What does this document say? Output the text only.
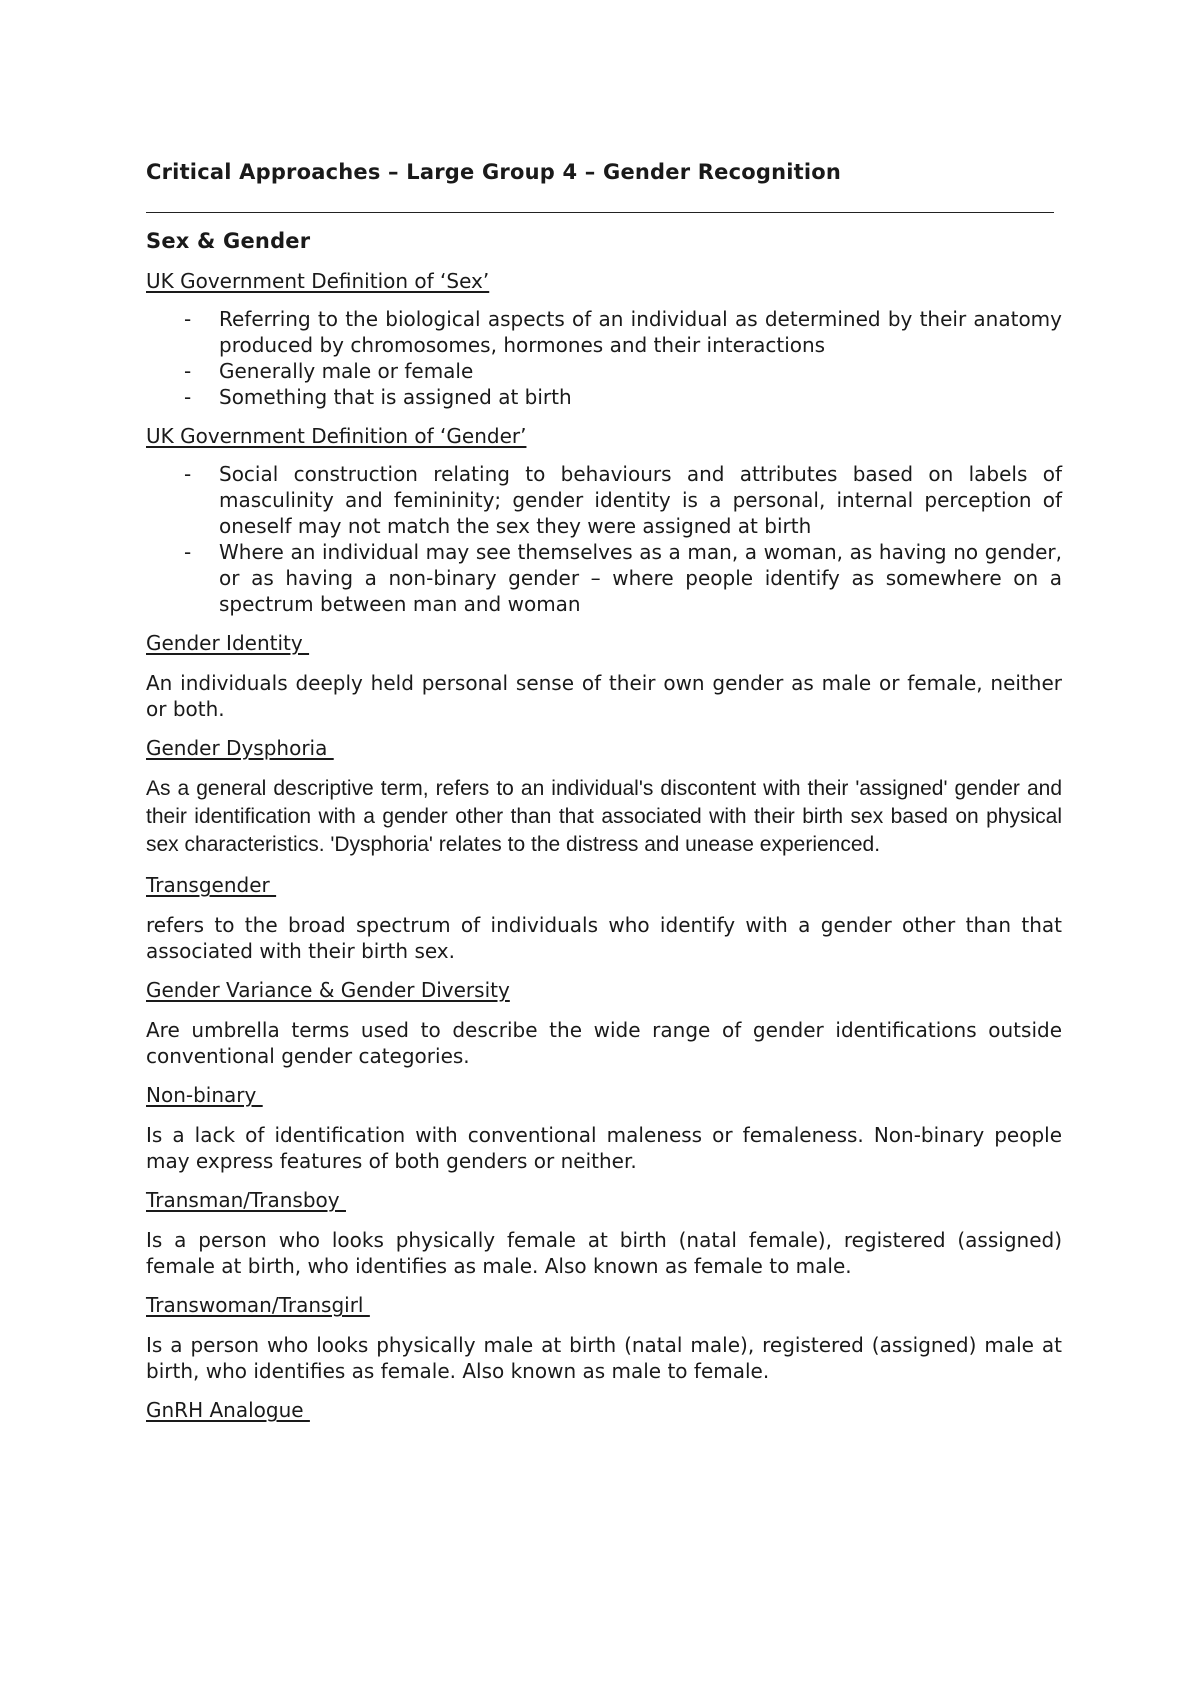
Critical Approaches – Large Group 4 – Gender Recognition
Sex & Gender
UK Government Definition of ‘Sex’
- Referring to the biological aspects of an individual as determined by their anatomy produced by chromosomes, hormones and their interactions
- Generally male or female
- Something that is assigned at birth
UK Government Definition of ‘Gender’
- Social construction relating to behaviours and attributes based on labels of masculinity and femininity; gender identity is a personal, internal perception of oneself may not match the sex they were assigned at birth
- Where an individual may see themselves as a man, a woman, as having no gender, or as having a non-binary gender – where people identify as somewhere on a spectrum between man and woman
Gender Identity

An individuals deeply held personal sense of their own gender as male or female, neither or both.

Gender Dysphoria

As a general descriptive term, refers to an individual's discontent with their 'assigned' gender and their identification with a gender other than that associated with their birth sex based on physical sex characteristics. 'Dysphoria' relates to the distress and unease experienced.

Transgender

refers to the broad spectrum of individuals who identify with a gender other than that associated with their birth sex.

Gender Variance & Gender Diversity

Are umbrella terms used to describe the wide range of gender identifications outside conventional gender categories.

Non-binary

Is a lack of identification with conventional maleness or femaleness. Non-binary people may express features of both genders or neither.

Transman/Transboy

Is a person who looks physically female at birth (natal female), registered (assigned) female at birth, who identifies as male. Also known as female to male.

Transwoman/Transgirl

Is a person who looks physically male at birth (natal male), registered (assigned) male at birth, who identifies as female. Also known as male to female.

GnRH Analogue
